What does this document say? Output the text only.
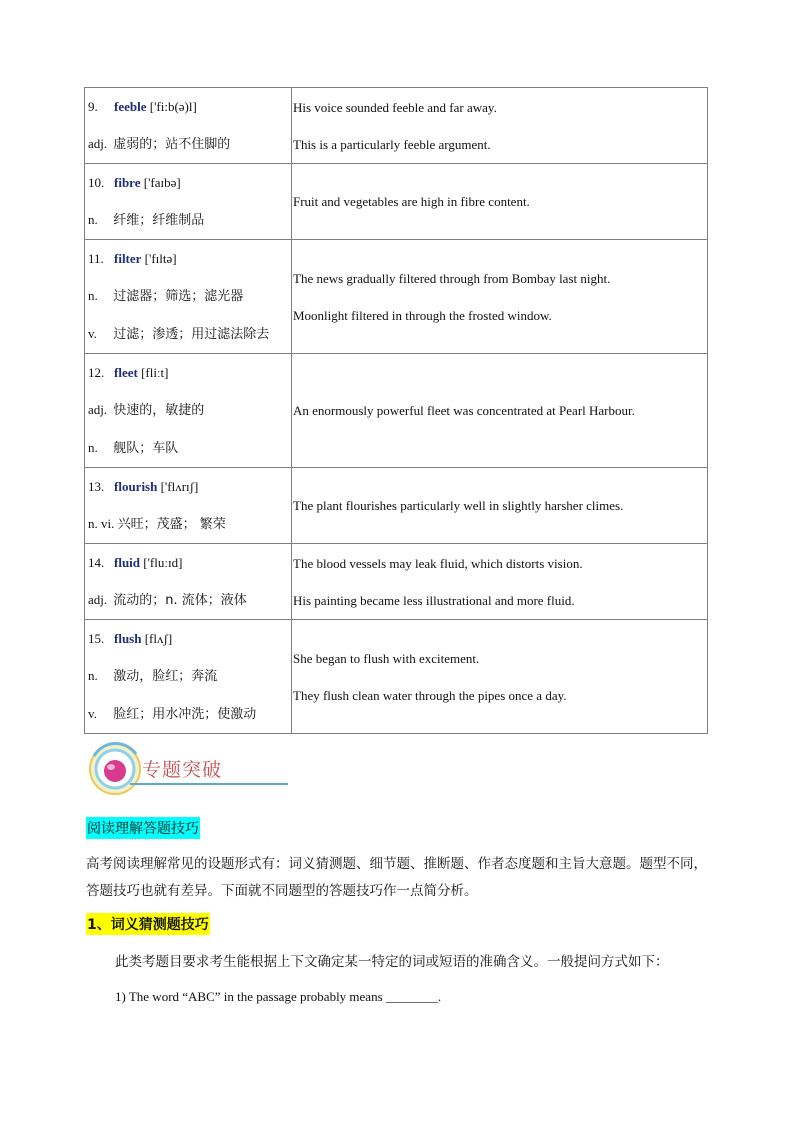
9. feeble ['fi:b(ə)l]
adj. 虚弱的；站不住脚的	His voice sounded feeble and far away.
This is a particularly feeble argument.

10. fibre ['faɪbə]
n. 纤维；纤维制品	Fruit and vegetables are high in fibre content.

11. filter ['fɪltə]
n. 过滤器；筛选；滤光器
v. 过滤；渗透；用过滤法除去	The news gradually filtered through from Bombay last night.
Moonlight filtered in through the frosted window.

12. fleet [fliːt]
adj. 快速的，敏捷的
n. 舰队；车队	An enormously powerful fleet was concentrated at Pearl Harbour.

13. flourish ['flʌrɪʃ]
n. vi. 兴旺；茂盛； 繁荣	The plant flourishes particularly well in slightly harsher climes.

14. fluid ['fluːɪd]
adj. 流动的；n. 流体；液体	The blood vessels may leak fluid, which distorts vision.
His painting became less illustrational and more fluid.

15. flush [flʌʃ]
n. 激动，脸红；奔流
v. 脸红；用水冲洗；使激动	She began to flush with excitement.
They flush clean water through the pipes once a day.
专题突破
阅读理解答题技巧
高考阅读理解常见的设题形式有：词义猜测题、细节题、推断题、作者态度题和主旨大意题。题型不同，答题技巧也就有差异。下面就不同题型的答题技巧作一点简分析。
1、词义猜测题技巧
此类考题目要求考生能根据上下文确定某一特定的词或短语的准确含义。一般提问方式如下：
1) The word “ABC” in the passage probably means ________.
